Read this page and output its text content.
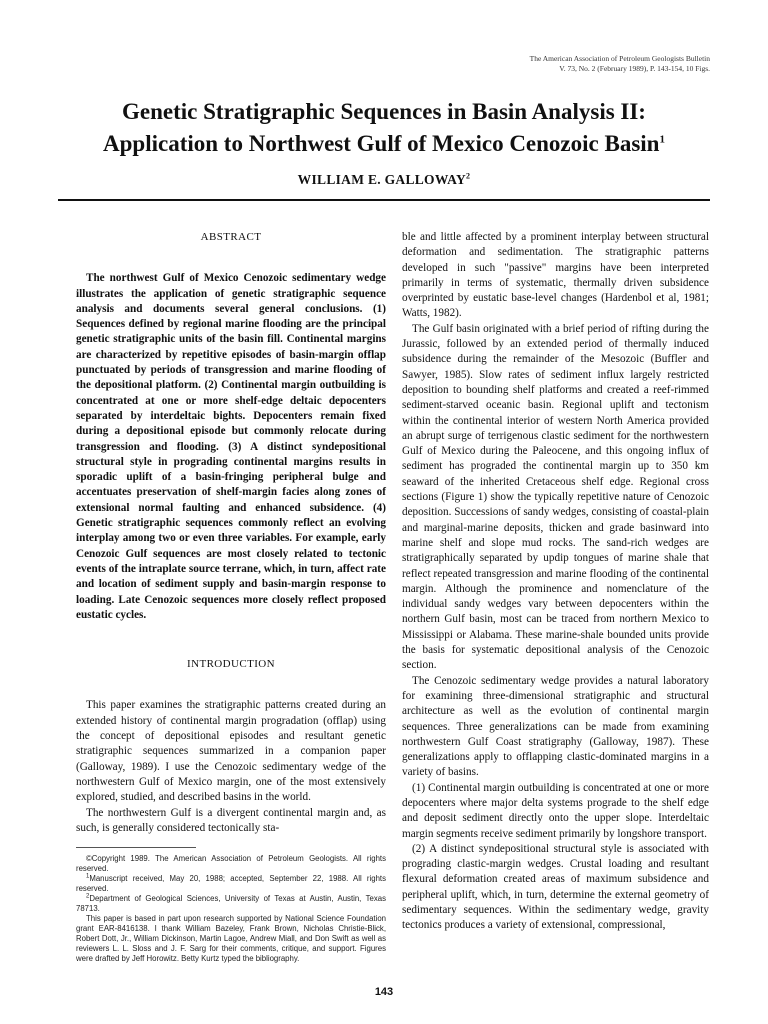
The American Association of Petroleum Geologists Bulletin
V. 73, No. 2 (February 1989), P. 143-154, 10 Figs.
Genetic Stratigraphic Sequences in Basin Analysis II:
Application to Northwest Gulf of Mexico Cenozoic Basin$^1$
WILLIAM E. GALLOWAY$^2$
ABSTRACT

The northwest Gulf of Mexico Cenozoic sedimentary wedge illustrates the application of genetic stratigraphic sequence analysis and documents several general conclusions. (1) Sequences defined by regional marine flooding are the principal genetic stratigraphic units of the basin fill. Continental margins are characterized by repetitive episodes of basin-margin offlap punctuated by periods of transgression and marine flooding of the depositional platform. (2) Continental margin outbuilding is concentrated at one or more shelf-edge deltaic depocenters separated by interdeltaic bights. Depocenters remain fixed during a depositional episode but commonly relocate during transgression and flooding. (3) A distinct syndepositional structural style in prograding continental margins results in sporadic uplift of a basin-fringing peripheral bulge and accentuates preservation of shelf-margin facies along zones of extensional normal faulting and enhanced subsidence. (4) Genetic stratigraphic sequences commonly reflect an evolving interplay among two or even three variables. For example, early Cenozoic Gulf sequences are most closely related to tectonic events of the intraplate source terrane, which, in turn, affect rate and location of sediment supply and basin-margin response to loading. Late Cenozoic sequences more closely reflect proposed eustatic cycles.

INTRODUCTION

This paper examines the stratigraphic patterns created during an extended history of continental margin progradation (offlap) using the concept of depositional episodes and resultant genetic stratigraphic sequences summarized in a companion paper (Galloway, 1989). I use the Cenozoic sedimentary wedge of the northwestern Gulf of Mexico margin, one of the most extensively explored, studied, and described basins in the world.

The northwestern Gulf is a divergent continental margin and, as such, is generally considered tectonically sta-

©Copyright 1989. The American Association of Petroleum Geologists. All rights reserved.

$^1$Manuscript received, May 20, 1988; accepted, September 22, 1988. All rights reserved.

$^2$Department of Geological Sciences, University of Texas at Austin, Austin, Texas 78713.

This paper is based in part upon research supported by National Science Foundation grant EAR-8416138. I thank William Bazeley, Frank Brown, Nicholas Christie-Blick, Robert Dott, Jr., William Dickinson, Martin Lagoe, Andrew Miall, and Don Swift as well as reviewers L. L. Sloss and J. F. Sarg for their comments, critique, and support. Figures were drafted by Jeff Horowitz. Betty Kurtz typed the bibliography.

ble and little affected by a prominent interplay between structural deformation and sedimentation. The stratigraphic patterns developed in such "passive" margins have been interpreted primarily in terms of systematic, thermally driven subsidence overprinted by eustatic base-level changes (Hardenbol et al, 1981; Watts, 1982).

The Gulf basin originated with a brief period of rifting during the Jurassic, followed by an extended period of thermally induced subsidence during the remainder of the Mesozoic (Buffler and Sawyer, 1985). Slow rates of sediment influx largely restricted deposition to bounding shelf platforms and created a reef-rimmed sediment-starved oceanic basin. Regional uplift and tectonism within the continental interior of western North America provided an abrupt surge of terrigenous clastic sediment for the northwestern Gulf of Mexico during the Paleocene, and this ongoing influx of sediment has prograded the continental margin up to 350 km seaward of the inherited Cretaceous shelf edge. Regional cross sections (Figure 1) show the typically repetitive nature of Cenozoic deposition. Successions of sandy wedges, consisting of coastal-plain and marginal-marine deposits, thicken and grade basinward into marine shelf and slope mud rocks. The sand-rich wedges are stratigraphically separated by updip tongues of marine shale that reflect repeated transgression and marine flooding of the continental margin. Although the prominence and nomenclature of the individual sandy wedges vary between depocenters within the northern Gulf basin, most can be traced from northern Mexico to Mississippi or Alabama. These marine-shale bounded units provide the basis for systematic depositional analysis of the Cenozoic section.

The Cenozoic sedimentary wedge provides a natural laboratory for examining three-dimensional stratigraphic and structural architecture as well as the evolution of continental margin sequences. Three generalizations can be made from examining northwestern Gulf Coast stratigraphy (Galloway, 1987). These generalizations apply to offlapping clastic-dominated margins in a variety of basins.

(1) Continental margin outbuilding is concentrated at one or more depocenters where major delta systems prograde to the shelf edge and deposit sediment directly onto the upper slope. Interdeltaic margin segments receive sediment primarily by longshore transport.

(2) A distinct syndepositional structural style is associated with prograding clastic-margin wedges. Crustal loading and resultant flexural deformation created areas of maximum subsidence and peripheral uplift, which, in turn, determine the external geometry of sedimentary sequences. Within the sedimentary wedge, gravity tectonics produces a variety of extensional, compressional,

143
